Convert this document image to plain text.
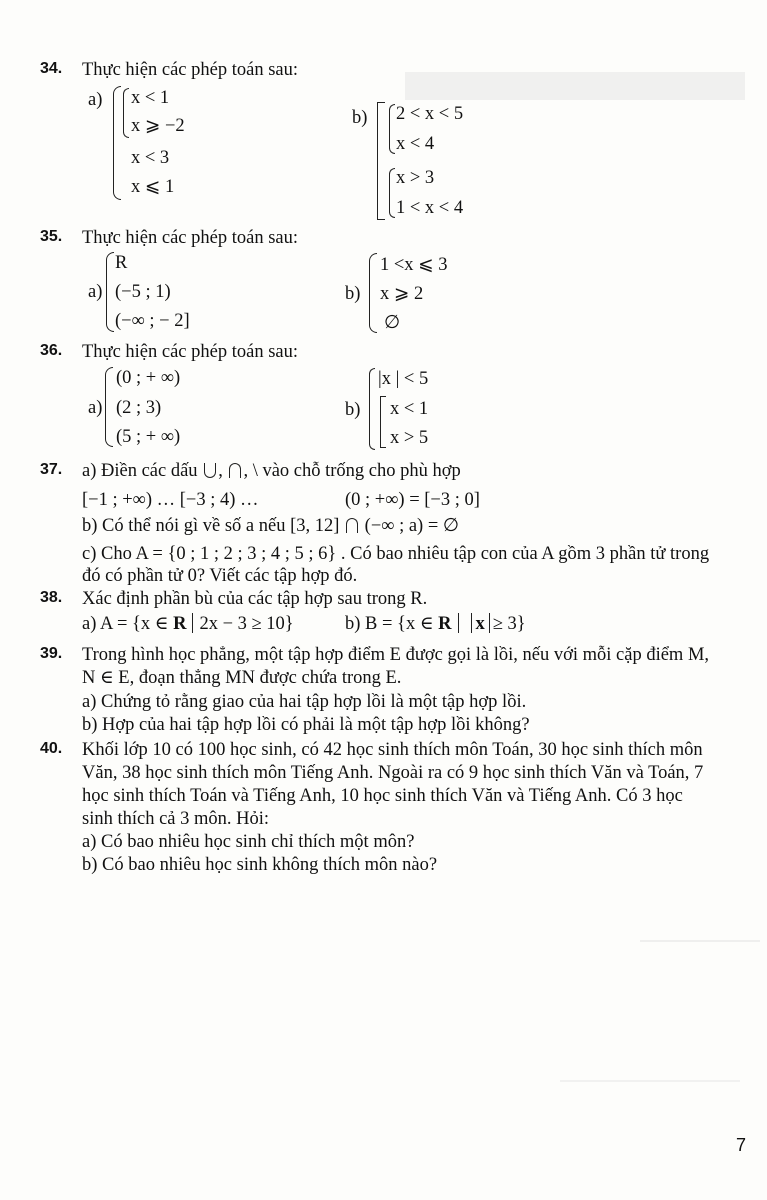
34. Thực hiện các phép toán sau:
a) x < 1
x ⩾ −2
x < 3
x ⩽ 1
b) 2 < x < 5
x < 4
x > 3
1 < x < 4
35. Thực hiện các phép toán sau:
a)
R
(−5 ; 1)
(−∞ ; − 2]
b)
1 <x ⩽ 3
x ⩾ 2
∅
36. Thực hiện các phép toán sau:
a)
(0 ; + ∞)
(2 ; 3)
(5 ; + ∞)
b)
|x | < 5
x < 1
x > 5
37. a) Điền các dấu , , \ vào chỗ trống cho phù hợp
[−1 ; +∞) … [−3 ; 4) …	(0 ; +∞) = [−3 ; 0]
b) Có thể nói gì về số a nếu [3, 12] (−∞ ; a) = ∅
c) Cho A = {0 ; 1 ; 2 ; 3 ; 4 ; 5 ; 6} . Có bao nhiêu tập con của A gồm 3 phần tử trong
đó có phần tử 0? Viết các tập hợp đó.
38. Xác định phần bù của các tập hợp sau trong R.
a) A = {x ∈ R 2x − 3 ≥ 10}	b) B = {x ∈ R x ≥ 3}
39. Trong hình học phẳng, một tập hợp điểm E được gọi là lồi, nếu với mỗi cặp điểm M,
N ∈ E, đoạn thẳng MN được chứa trong E.
a) Chứng tỏ rằng giao của hai tập hợp lồi là một tập hợp lồi.
b) Hợp của hai tập hợp lồi có phải là một tập hợp lồi không?
40. Khối lớp 10 có 100 học sinh, có 42 học sinh thích môn Toán, 30 học sinh thích môn
Văn, 38 học sinh thích môn Tiếng Anh. Ngoài ra có 9 học sinh thích Văn và Toán, 7
học sinh thích Toán và Tiếng Anh, 10 học sinh thích Văn và Tiếng Anh. Có 3 học
sinh thích cả 3 môn. Hỏi:
a) Có bao nhiêu học sinh chỉ thích một môn?
b) Có bao nhiêu học sinh không thích môn nào?
7
